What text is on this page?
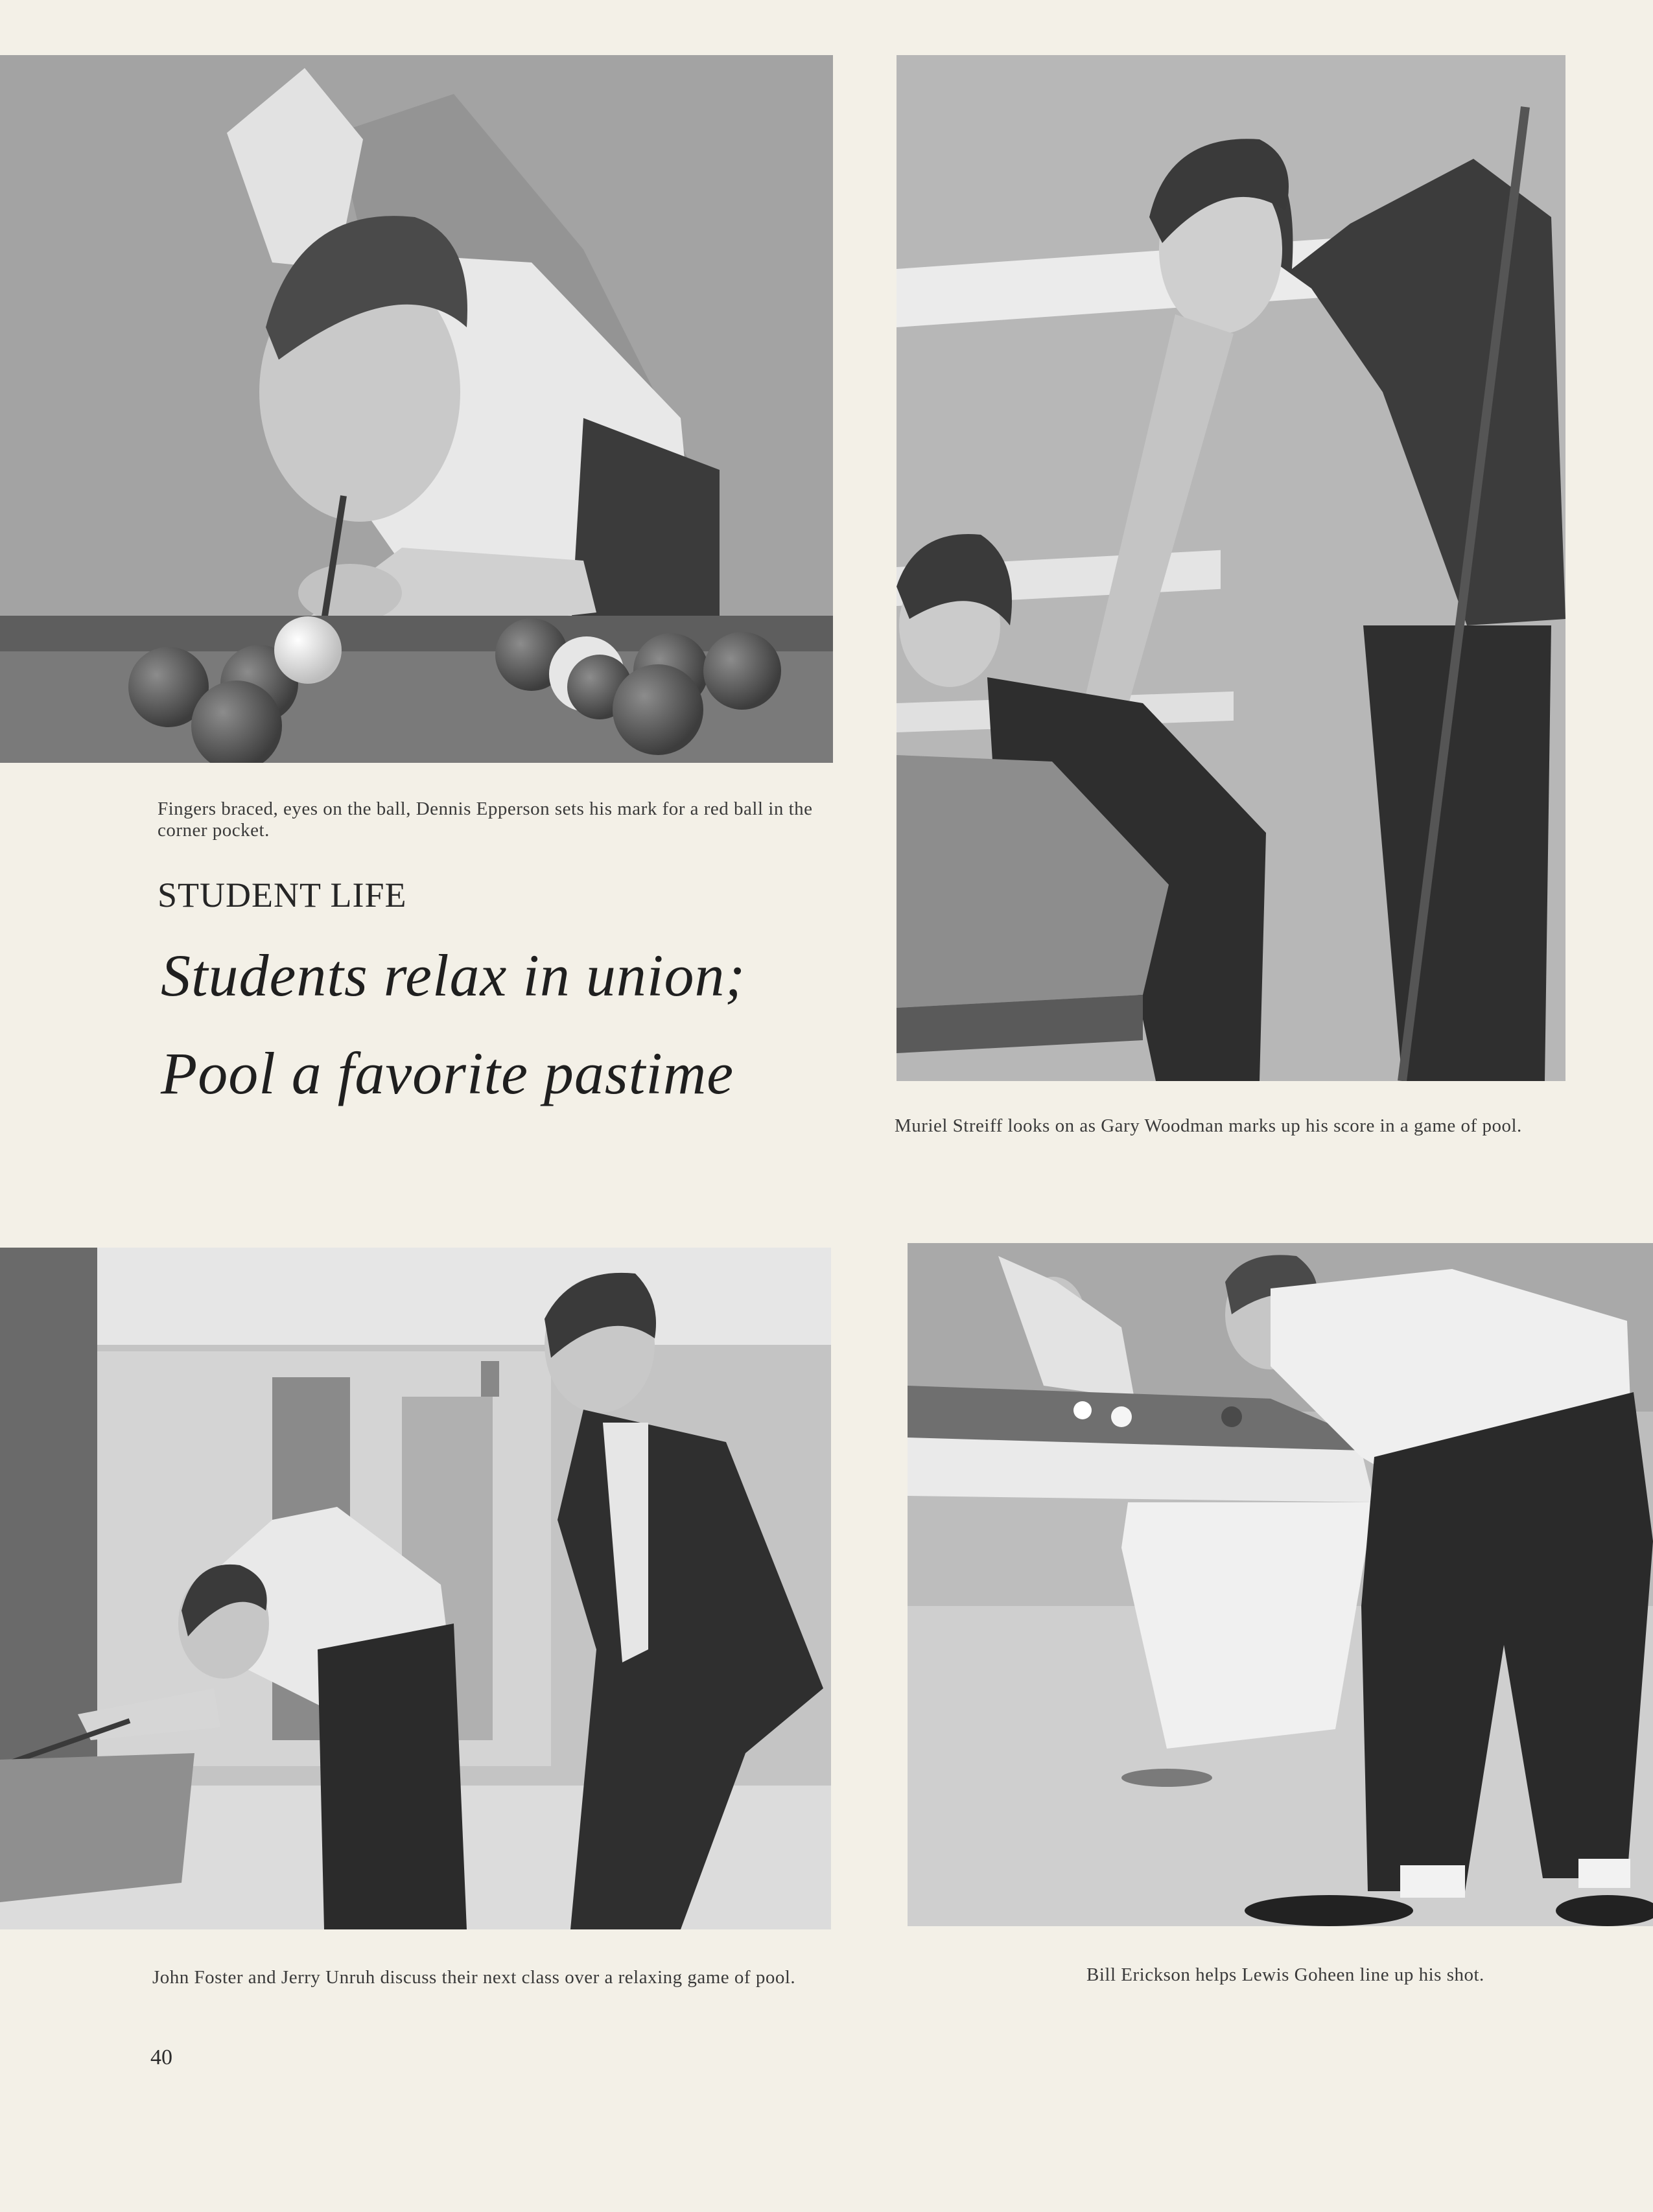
Fingers braced, eyes on the ball, Dennis Epperson sets his mark for a red ball in the corner pocket.
STUDENT LIFE
Students relax in union;
Pool a favorite pastime
Muriel Streiff looks on as Gary Woodman marks up his score in a game of pool.
John Foster and Jerry Unruh discuss their next class over a relaxing game of pool.	Bill Erickson helps Lewis Goheen line up his shot.
40
